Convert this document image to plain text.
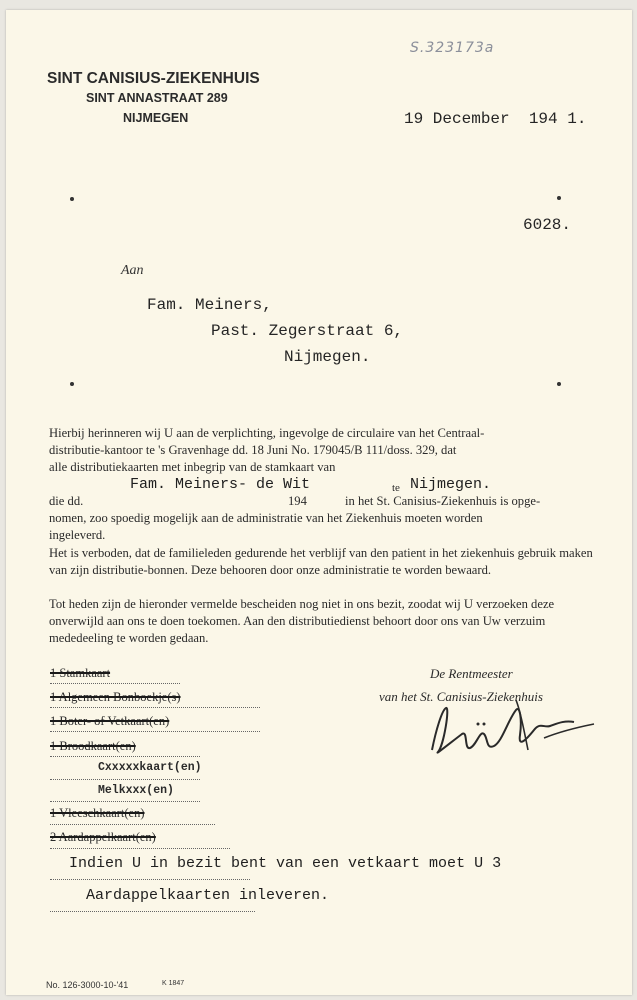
S.323173a
SINT CANISIUS-ZIEKENHUIS
SINT ANNASTRAAT 289
NIJMEGEN	19 December  194 1.
6028.
Aan
Fam. Meiners,
Past. Zegerstraat 6,
Nijmegen.
Hierbij herinneren wij U aan de verplichting, ingevolge de circulaire van het Centraal-
distributie-kantoor te 's Gravenhage dd. 18 Juni No. 179045/B 111/doss. 329, dat
alle distributiekaarten met inbegrip van de stamkaart van
Fam. Meiners- de Wit	te Nijmegen.
die dd.	194	in het St. Canisius-Ziekenhuis is opge-
nomen, zoo spoedig mogelijk aan de administratie van het Ziekenhuis moeten worden
ingeleverd.
Het is verboden, dat de familieleden gedurende het verblijf van den patient in het ziekenhuis gebruik maken van zijn distributie-bonnen. Deze behooren door onze administratie te worden bewaard.
Tot heden zijn de hieronder vermelde bescheiden nog niet in ons bezit, zoodat wij U verzoeken deze onverwijld aan ons te doen toekomen. Aan den distributiedienst behoort door ons van Uw verzuim mededeeling te worden gedaan.
1 Stamkaart
1 Algemeen Bonboekje(s)
1 Boter- of Vetkaart(en)
1 Broodkaart(en)
Cxxxxxkaart(en)
Melkxxx(en)
1 Vleeschkaart(en)
2 Aardappelkaart(en)
Indien U in bezit bent van een vetkaart moet U 3
Aardappelkaarten inleveren.
De Rentmeester
van het St. Canisius-Ziekenhuis
No. 126-3000-10-'41	K 1847
